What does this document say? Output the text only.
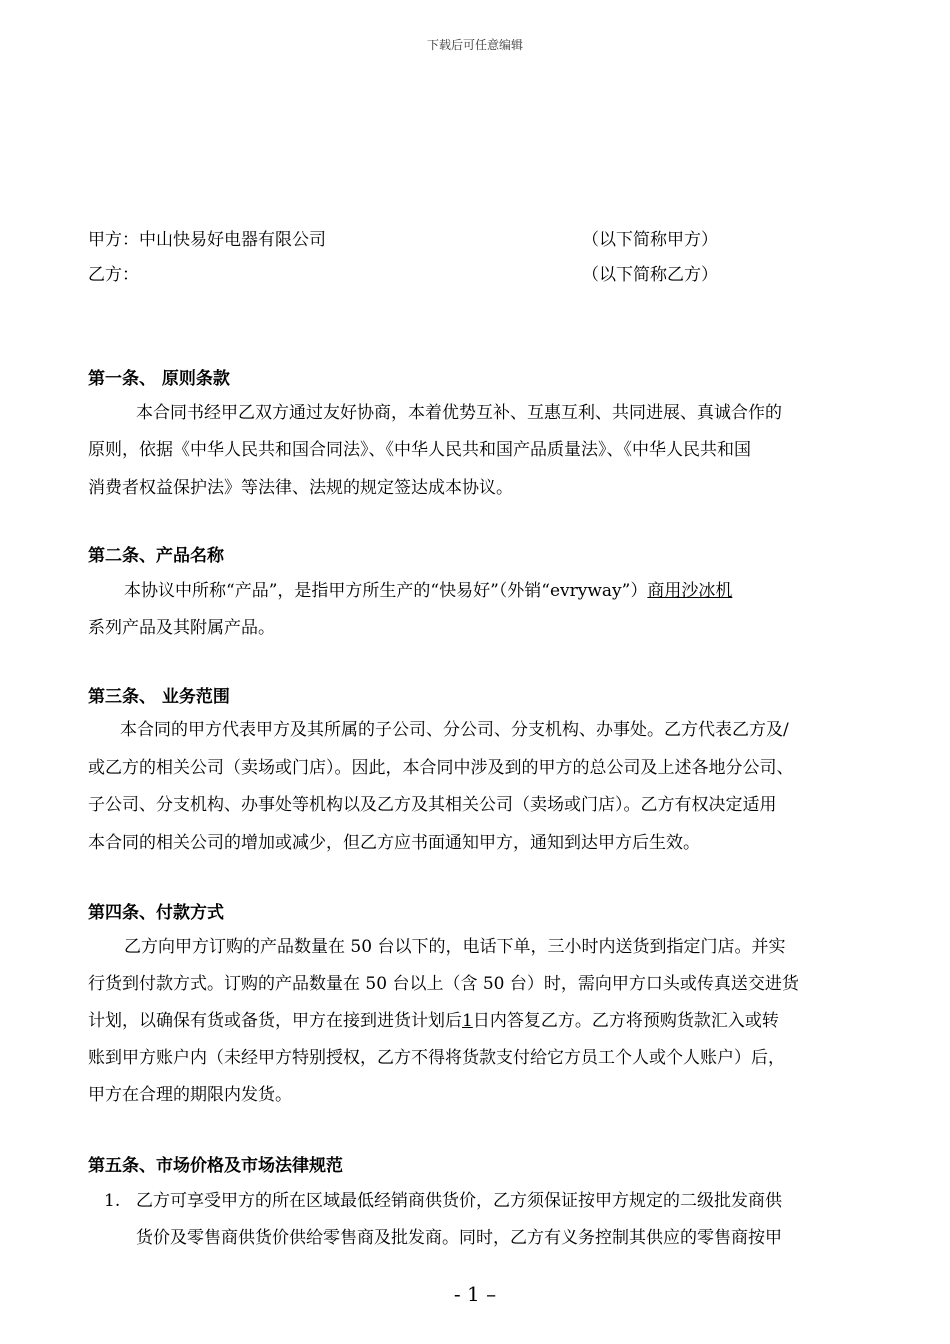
下载后可任意编辑
甲方：中山快易好电器有限公司	（以下简称甲方）
乙方：	（以下简称乙方）
第一条、 原则条款
本合同书经甲乙双方通过友好协商，本着优势互补、互惠互利、共同进展、真诚合作的
原则，依据《中华人民共和国合同法》、《中华人民共和国产品质量法》、《中华人民共和国
消费者权益保护法》等法律、法规的规定签达成本协议。
第二条、产品名称
本协议中所称“产品”，是指甲方所生产的“快易好”（外销“evryway”）商用沙冰机
系列产品及其附属产品。
第三条、 业务范围
本合同的甲方代表甲方及其所属的子公司、分公司、分支机构、办事处。乙方代表乙方及/
或乙方的相关公司（卖场或门店）。因此，本合同中涉及到的甲方的总公司及上述各地分公司、
子公司、分支机构、办事处等机构以及乙方及其相关公司（卖场或门店）。乙方有权决定适用
本合同的相关公司的增加或减少，但乙方应书面通知甲方，通知到达甲方后生效。
第四条、付款方式
乙方向甲方订购的产品数量在 50 台以下的，电话下单，三小时内送货到指定门店。并实
行货到付款方式。订购的产品数量在 50 台以上（含 50 台）时，需向甲方口头或传真送交进货
计划，以确保有货或备货，甲方在接到进货计划后1日内答复乙方。乙方将预购货款汇入或转
账到甲方账户内（未经甲方特别授权，乙方不得将货款支付给它方员工个人或个人账户）后，
甲方在合理的期限内发货。
第五条、市场价格及市场法律规范
1. 乙方可享受甲方的所在区域最低经销商供货价，乙方须保证按甲方规定的二级批发商供
货价及零售商供货价供给零售商及批发商。同时，乙方有义务控制其供应的零售商按甲
- 1 –
